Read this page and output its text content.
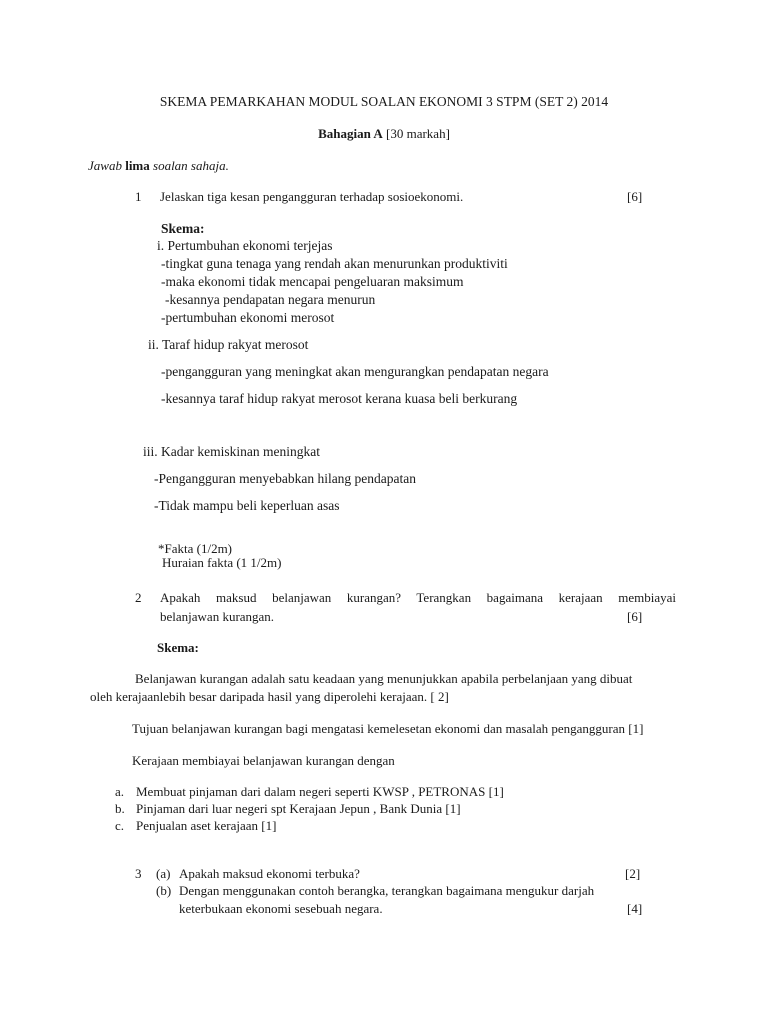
SKEMA PEMARKAHAN MODUL SOALAN EKONOMI 3 STPM (SET 2) 2014
Bahagian A [30 markah]
Jawab lima soalan sahaja.
1 Jelaskan tiga kesan pengangguran terhadap sosioekonomi.	[6]
Skema:
i. Pertumbuhan ekonomi terjejas
-tingkat guna tenaga yang rendah akan menurunkan produktiviti
-maka ekonomi tidak mencapai pengeluaran maksimum
-kesannya pendapatan negara menurun
-pertumbuhan ekonomi merosot
ii. Taraf hidup rakyat merosot
-pengangguran yang meningkat akan mengurangkan pendapatan negara
-kesannya taraf hidup rakyat merosot kerana kuasa beli berkurang
iii. Kadar kemiskinan meningkat
-Pengangguran menyebabkan hilang pendapatan
-Tidak mampu beli keperluan asas
*Fakta (1/2m)
Huraian fakta (1 1/2m)
2 Apakah maksud belanjawan kurangan? Terangkan bagaimana kerajaan membiayai
belanjawan kurangan.	[6]
Skema:
Belanjawan kurangan adalah satu keadaan yang menunjukkan apabila perbelanjaan yang dibuat
oleh kerajaanlebih besar daripada hasil yang diperolehi kerajaan. [ 2]
Tujuan belanjawan kurangan bagi mengatasi kemelesetan ekonomi dan masalah pengangguran [1]
Kerajaan membiayai belanjawan kurangan dengan
a. Membuat pinjaman dari dalam negeri seperti KWSP , PETRONAS [1]
b. Pinjaman dari luar negeri spt Kerajaan Jepun , Bank Dunia [1]
c. Penjualan aset kerajaan [1]
3 (a) Apakah maksud ekonomi terbuka?	[2]
(b) Dengan menggunakan contoh berangka, terangkan bagaimana mengukur darjah
keterbukaan ekonomi sesebuah negara.	[4]
